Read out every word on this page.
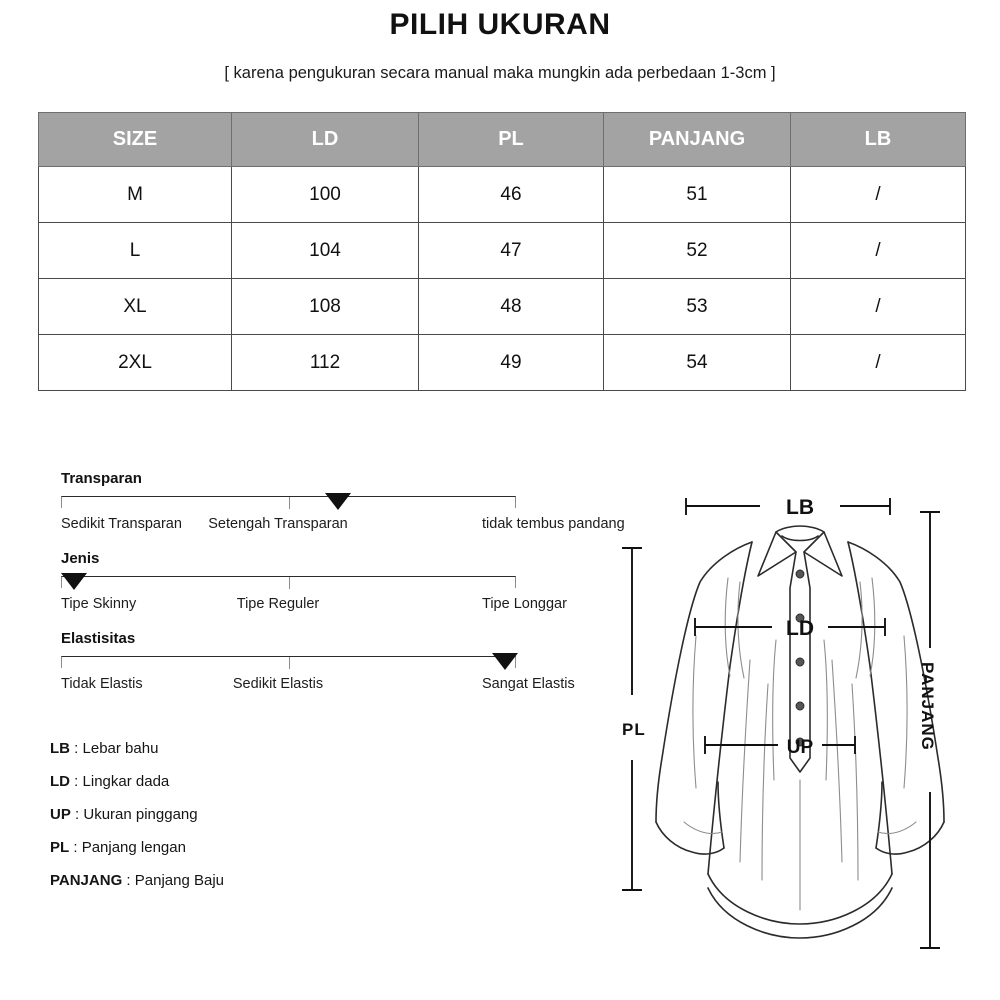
PILIH UKURAN
[ karena pengukuran secara manual maka mungkin ada perbedaan 1-3cm ]
SIZE	LD	PL	PANJANG	LB
M	100	46	51	/
L	104	47	52	/
XL	108	48	53	/
2XL	112	49	54	/
Transparan
Sedikit Transparan Setengah Transparan	tidak tembus pandang
Jenis
Tipe Skinny	Tipe Reguler	Tipe Longgar
Elastisitas
Tidak Elastis	Sedikit Elastis	Sangat Elastis
LB : Lebar bahu
LD : Lingkar dada
UP : Ukuran pinggang
PL : Panjang lengan
PANJANG : Panjang Baju
LB
LD
UP
PL	PANJANG
